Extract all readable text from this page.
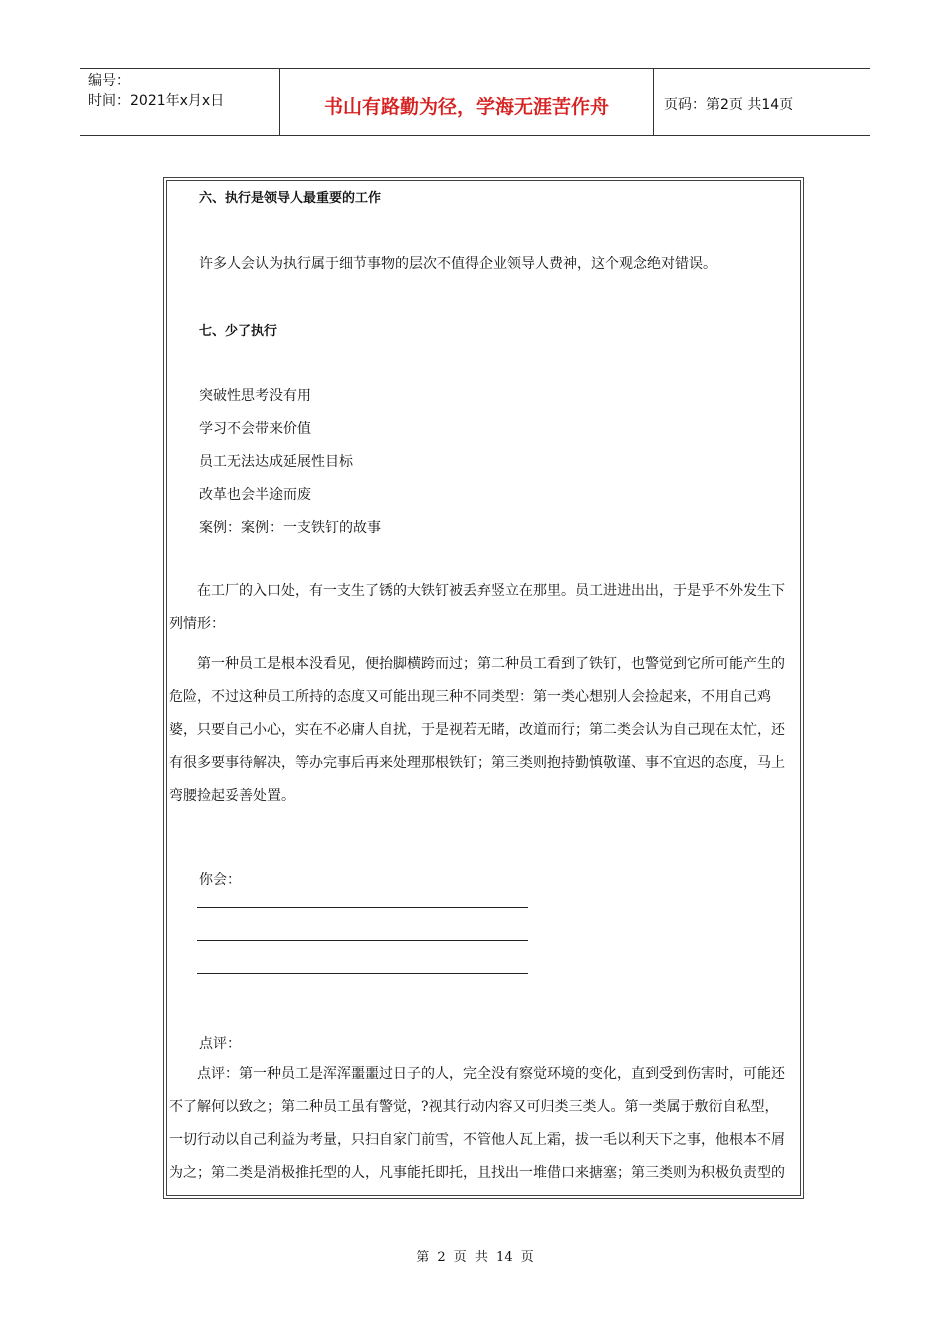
编号：
时间：2021年x月x日	书山有路勤为径，学海无涯苦作舟	页码：第2页 共14页
六、执行是领导人最重要的工作
许多人会认为执行属于细节事物的层次不值得企业领导人费神，这个观念绝对错误。
七、少了执行
突破性思考没有用
学习不会带来价值
员工无法达成延展性目标
改革也会半途而废
案例：案例：一支铁钉的故事
　　在工厂的入口处，有一支生了锈的大铁钉被丢弃竖立在那里。员工进进出出，于是乎不外发生下
列情形：
　　第一种员工是根本没看见，便抬脚横跨而过；第二种员工看到了铁钉，也警觉到它所可能产生的
危险，不过这种员工所持的态度又可能出现三种不同类型：第一类心想别人会捡起来，不用自己鸡
婆，只要自己小心，实在不必庸人自扰，于是视若无睹，改道而行；第二类会认为自己现在太忙，还
有很多要事待解决，等办完事后再来处理那根铁钉；第三类则抱持勤慎敬谨、事不宜迟的态度，马上
弯腰捡起妥善处置。
你会：
点评：
　　点评：第一种员工是浑浑噩噩过日子的人，完全没有察觉环境的变化，直到受到伤害时，可能还
不了解何以致之；第二种员工虽有警觉，?视其行动内容又可归类三类人。第一类属于敷衍自私型，
一切行动以自己利益为考量，只扫自家门前雪，不管他人瓦上霜，拔一毛以利天下之事，他根本不屑
为之；第二类是消极推托型的人，凡事能托即托，且找出一堆借口来搪塞；第三类则为积极负责型的
第 2 页 共 14 页
